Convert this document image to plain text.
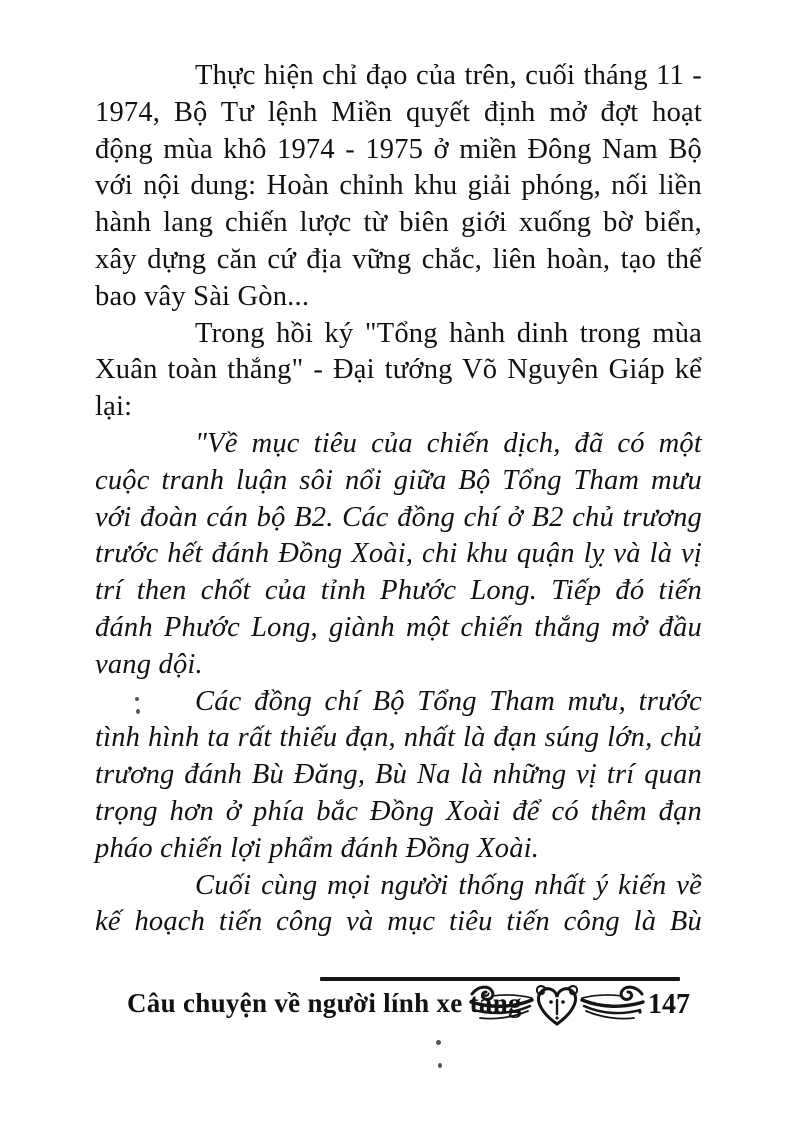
Thực hiện chỉ đạo của trên, cuối tháng 11 - 1974, Bộ Tư lệnh Miền quyết định mở đợt hoạt động mùa khô 1974 - 1975 ở miền Đông Nam Bộ với nội dung: Hoàn chỉnh khu giải phóng, nối liền hành lang chiến lược từ biên giới xuống bờ biển, xây dựng căn cứ địa vững chắc, liên hoàn, tạo thế bao vây Sài Gòn...

Trong hồi ký "Tổng hành dinh trong mùa Xuân toàn thắng" - Đại tướng Võ Nguyên Giáp kể lại:

"Về mục tiêu của chiến dịch, đã có một cuộc tranh luận sôi nổi giữa Bộ Tổng Tham mưu với đoàn cán bộ B2. Các đồng chí ở B2 chủ trương trước hết đánh Đồng Xoài, chi khu quận lỵ và là vị trí then chốt của tỉnh Phước Long. Tiếp đó tiến đánh Phước Long, giành một chiến thắng mở đầu vang dội.

Các đồng chí Bộ Tổng Tham mưu, trước tình hình ta rất thiếu đạn, nhất là đạn súng lớn, chủ trương đánh Bù Đăng, Bù Na là những vị trí quan trọng hơn ở phía bắc Đồng Xoài để có thêm đạn pháo chiến lợi phẩm đánh Đồng Xoài.

Cuối cùng mọi người thống nhất ý kiến về kế hoạch tiến công và mục tiêu tiến công là Bù

Câu chuyện về người lính xe tăng	147
